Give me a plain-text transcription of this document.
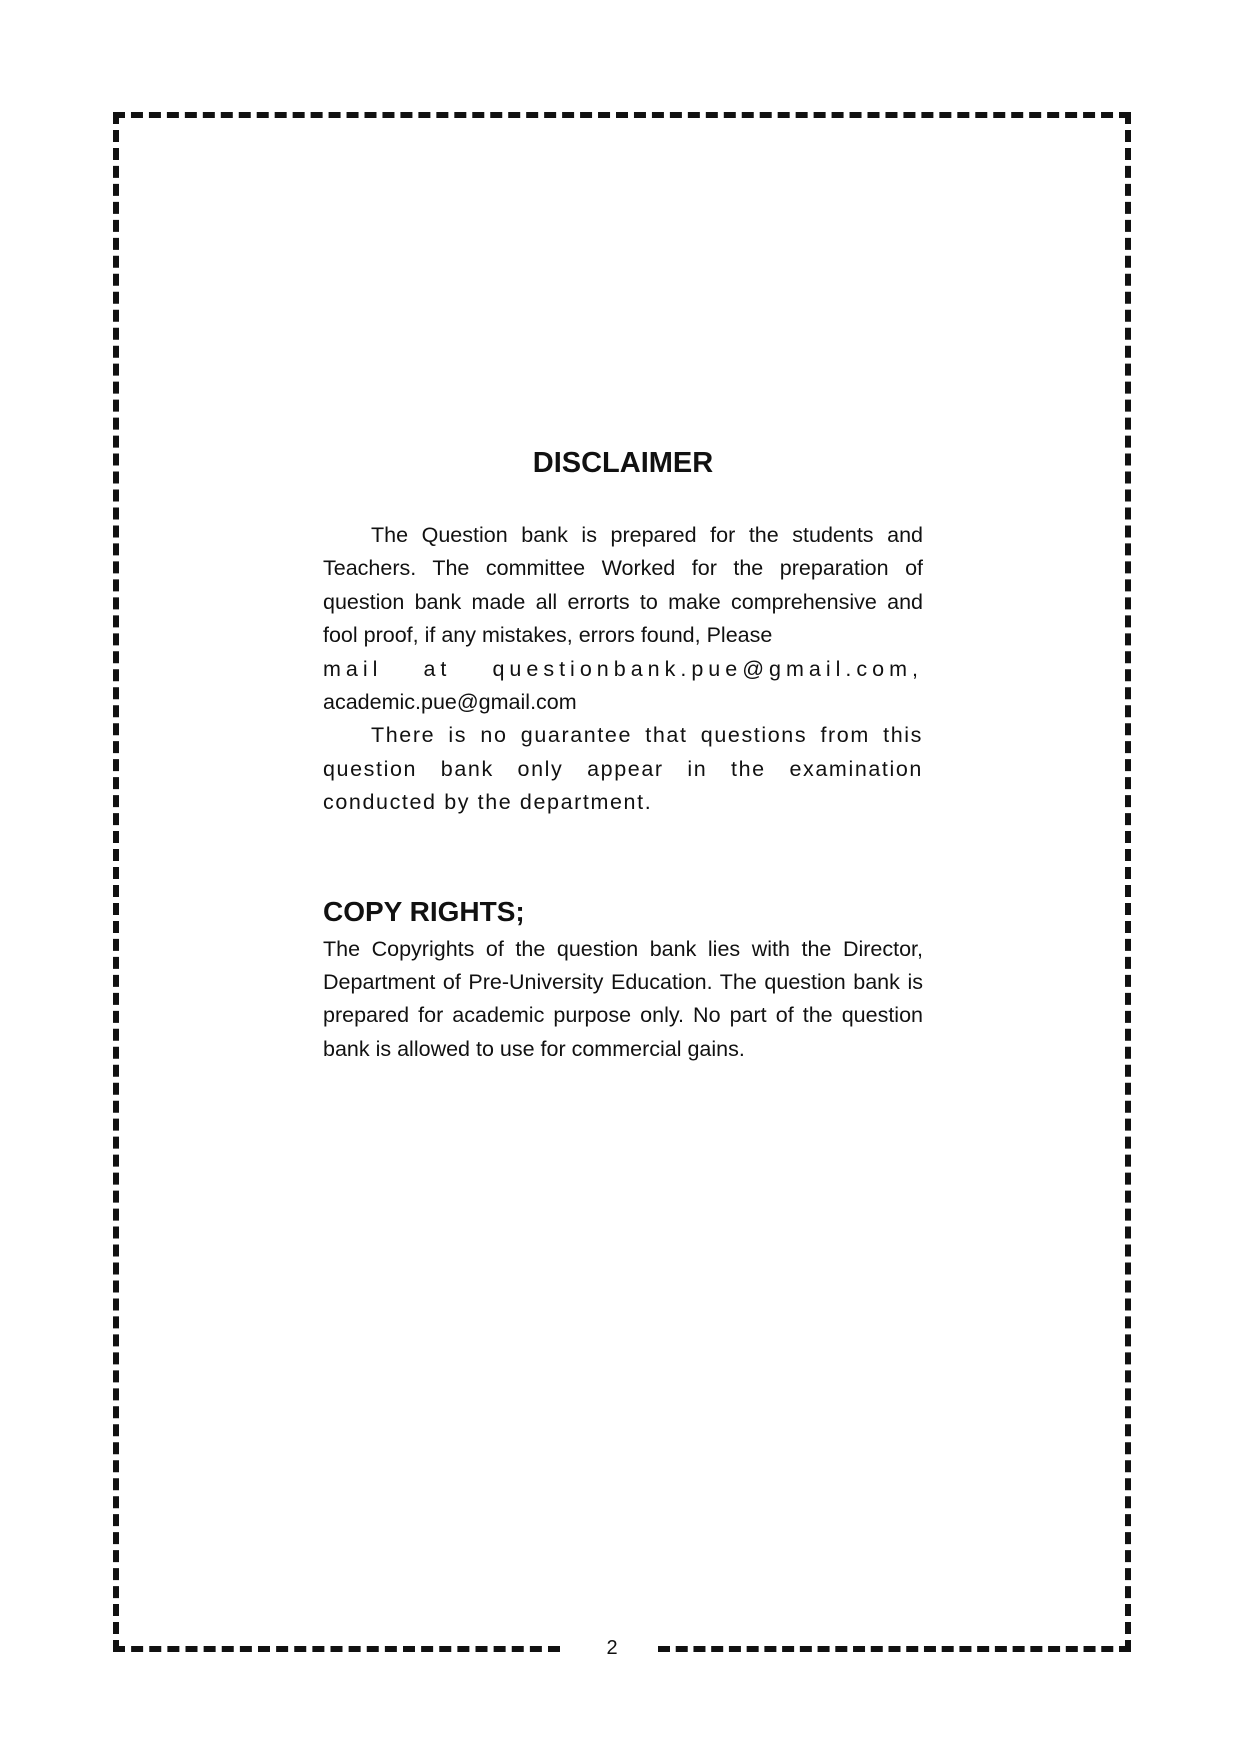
DISCLAIMER

The Question bank is prepared for the students and Teachers. The committee Worked for the preparation of question bank made all errorts to make comprehensive and fool proof, if any mistakes, errors found, Please

mail at questionbank.pue@gmail.com,

academic.pue@gmail.com

There is no guarantee that questions from this question bank only appear in the examination conducted by the department.

COPY RIGHTS;

The Copyrights of the question bank lies with the Director, Department of Pre-University Education. The question bank is prepared for academic purpose only. No part of the question bank is allowed to use for commercial gains.

2
